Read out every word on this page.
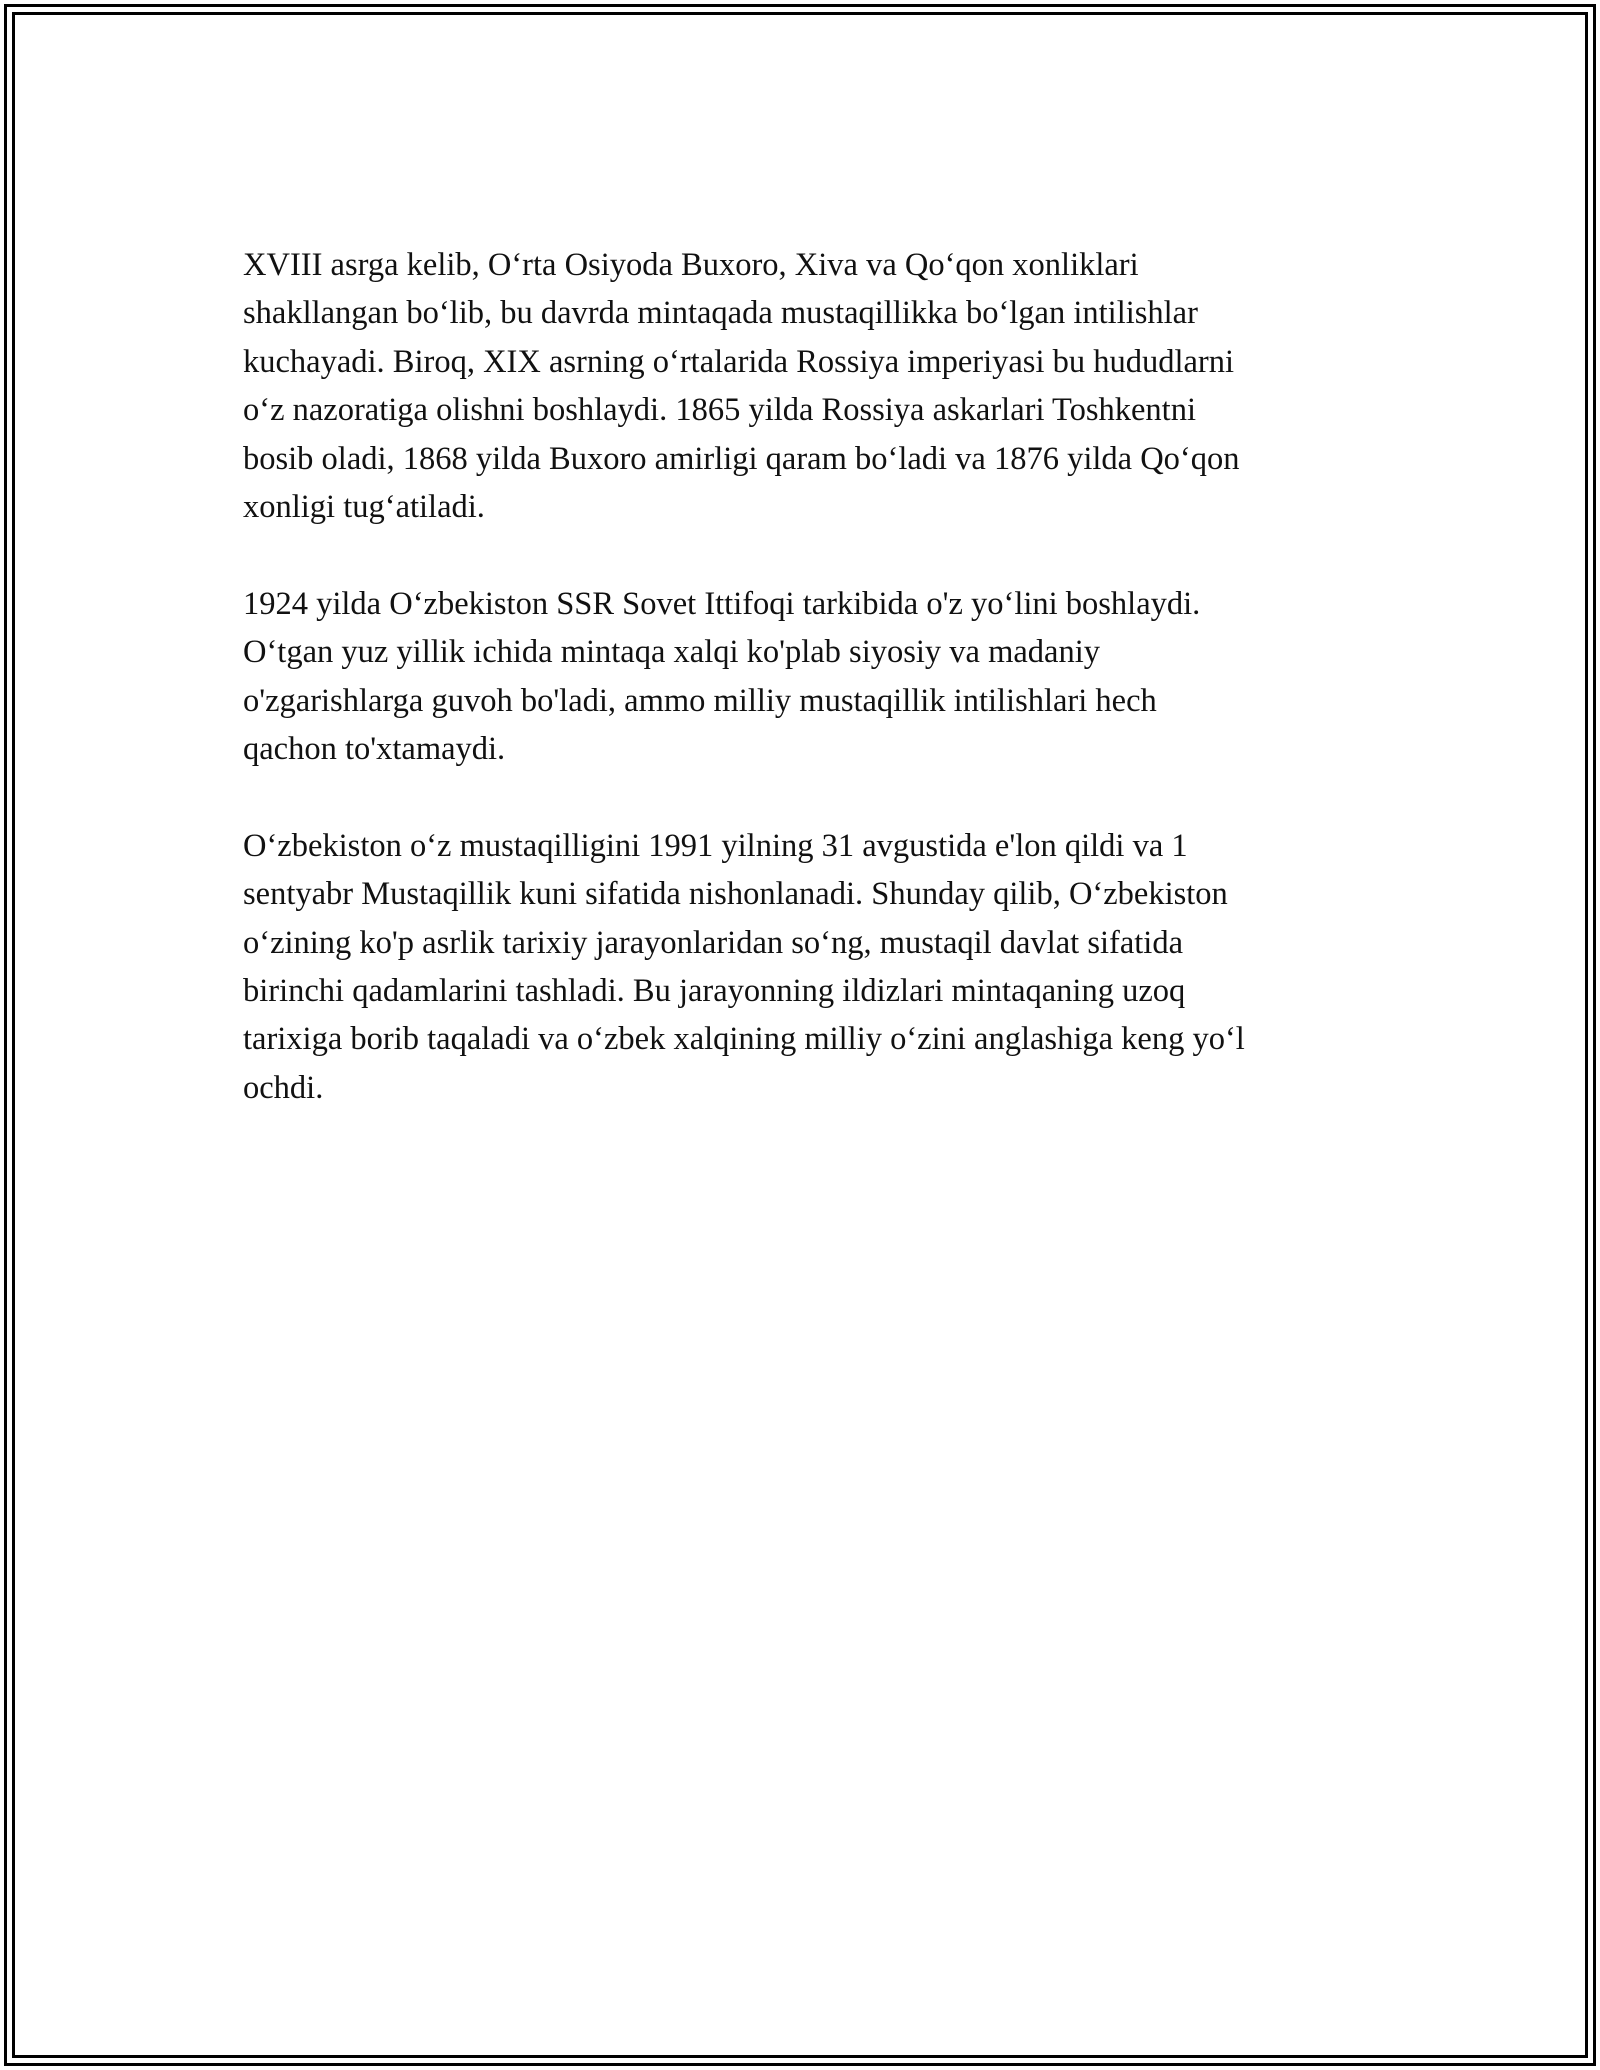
XVIII asrga kelib, O‘rta Osiyoda Buxoro, Xiva va Qo‘qon xonliklari
shakllangan bo‘lib, bu davrda mintaqada mustaqillikka bo‘lgan intilishlar
kuchayadi. Biroq, XIX asrning o‘rtalarida Rossiya imperiyasi bu hududlarni
o‘z nazoratiga olishni boshlaydi. 1865 yilda Rossiya askarlari Toshkentni
bosib oladi, 1868 yilda Buxoro amirligi qaram bo‘ladi va 1876 yilda Qo‘qon
xonligi tug‘atiladi.

1924 yilda O‘zbekiston SSR Sovet Ittifoqi tarkibida o'z yo‘lini boshlaydi.
O‘tgan yuz yillik ichida mintaqa xalqi ko'plab siyosiy va madaniy
o'zgarishlarga guvoh bo'ladi, ammo milliy mustaqillik intilishlari hech
qachon to'xtamaydi.

O‘zbekiston o‘z mustaqilligini 1991 yilning 31 avgustida e'lon qildi va 1
sentyabr Mustaqillik kuni sifatida nishonlanadi. Shunday qilib, O‘zbekiston
o‘zining ko'p asrlik tarixiy jarayonlaridan so‘ng, mustaqil davlat sifatida
birinchi qadamlarini tashladi. Bu jarayonning ildizlari mintaqaning uzoq
tarixiga borib taqaladi va o‘zbek xalqining milliy o‘zini anglashiga keng yo‘l
ochdi.
